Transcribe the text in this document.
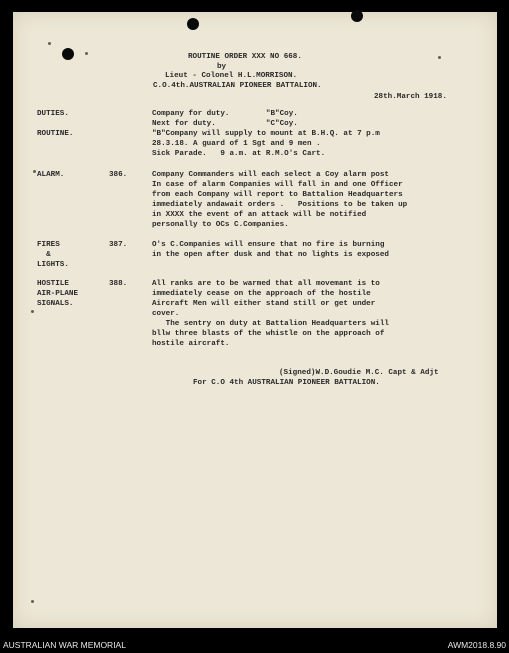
ROUTINE ORDER XXX NO 668.
by
Lieut - Colonel H.L.MORRISON.
C.O.4th.AUSTRALIAN PIONEER BATTALION.
28th.March 1918.
DUTIES.	Company for duty.        "B"Coy.
Next for duty.           "C"Coy.
ROUTINE.	"B"Company will supply to mount at B.H.Q. at 7 p.m
28.3.18. A guard of 1 Sgt and 9 men .
Sick Parade.   9 a.m. at R.M.O's Cart.
ALARM.	386.	Company Commanders will each select a Coy alarm post
In case of alarm Companies will fall in and one Officer
from each Company will report to Battalion Headquarters
immediately andawait orders .   Positions to be taken up
in XXXX the event of an attack will be notified
personally to OCs C.Companies.
FIRES
&
LIGHTS.
387.	O's C.Companies will ensure that no fire is burning
in the open after dusk and that no lights is exposed
HOSTILE
AIR-PLANE
SIGNALS.
388.	All ranks are to be warmed that all movemant is to
immediately cease on the approach of the hostile
Aircraft Men will either stand still or get under
cover.
The sentry on duty at Battalion Headquarters will
bllw three blasts of the whistle on the approach of
hostile aircraft.
(Signed)W.D.Goudie M.C. Capt & Adjt
For C.O 4th AUSTRALIAN PIONEER BATTALION.
AUSTRALIAN WAR MEMORIAL	AWM2018.8.90
